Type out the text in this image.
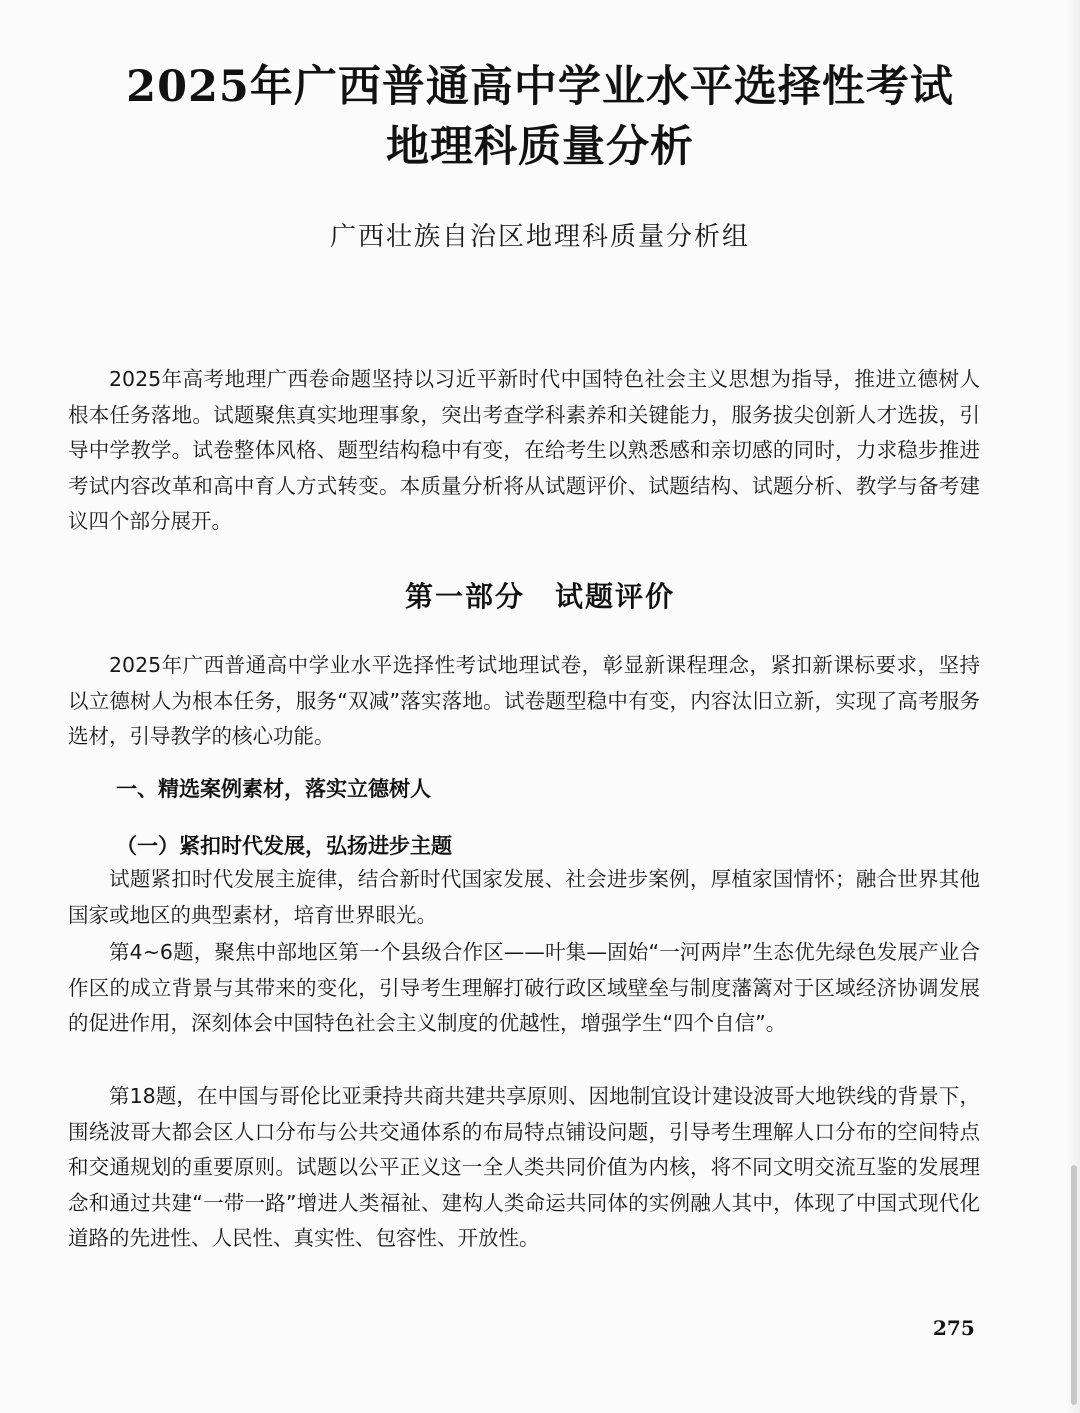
2025年广西普通高中学业水平选择性考试
地理科质量分析
广西壮族自治区地理科质量分析组

2025年高考地理广西卷命题坚持以习近平新时代中国特色社会主义思想为指导，推进立德树人根本任务落地。试题聚焦真实地理事象，突出考查学科素养和关键能力，服务拔尖创新人才选拔，引导中学教学。试卷整体风格、题型结构稳中有变，在给考生以熟悉感和亲切感的同时，力求稳步推进考试内容改革和高中育人方式转变。本质量分析将从试题评价、试题结构、试题分析、教学与备考建议四个部分展开。

第一部分　试题评价

2025年广西普通高中学业水平选择性考试地理试卷，彰显新课程理念，紧扣新课标要求，坚持以立德树人为根本任务，服务“双减”落实落地。试卷题型稳中有变，内容汰旧立新，实现了高考服务选材，引导教学的核心功能。

一、精选案例素材，落实立德树人
（一）紧扣时代发展，弘扬进步主题

试题紧扣时代发展主旋律，结合新时代国家发展、社会进步案例，厚植家国情怀；融合世界其他国家或地区的典型素材，培育世界眼光。

第4~6题，聚焦中部地区第一个县级合作区——叶集—固始“一河两岸”生态优先绿色发展产业合作区的成立背景与其带来的变化，引导考生理解打破行政区域壁垒与制度藩篱对于区域经济协调发展的促进作用，深刻体会中国特色社会主义制度的优越性，增强学生“四个自信”。

第18题，在中国与哥伦比亚秉持共商共建共享原则、因地制宜设计建设波哥大地铁线的背景下，围绕波哥大都会区人口分布与公共交通体系的布局特点铺设问题，引导考生理解人口分布的空间特点和交通规划的重要原则。试题以公平正义这一全人类共同价值为内核，将不同文明交流互鉴的发展理念和通过共建“一带一路”增进人类福祉、建构人类命运共同体的实例融人其中，体现了中国式现代化道路的先进性、人民性、真实性、包容性、开放性。

275
